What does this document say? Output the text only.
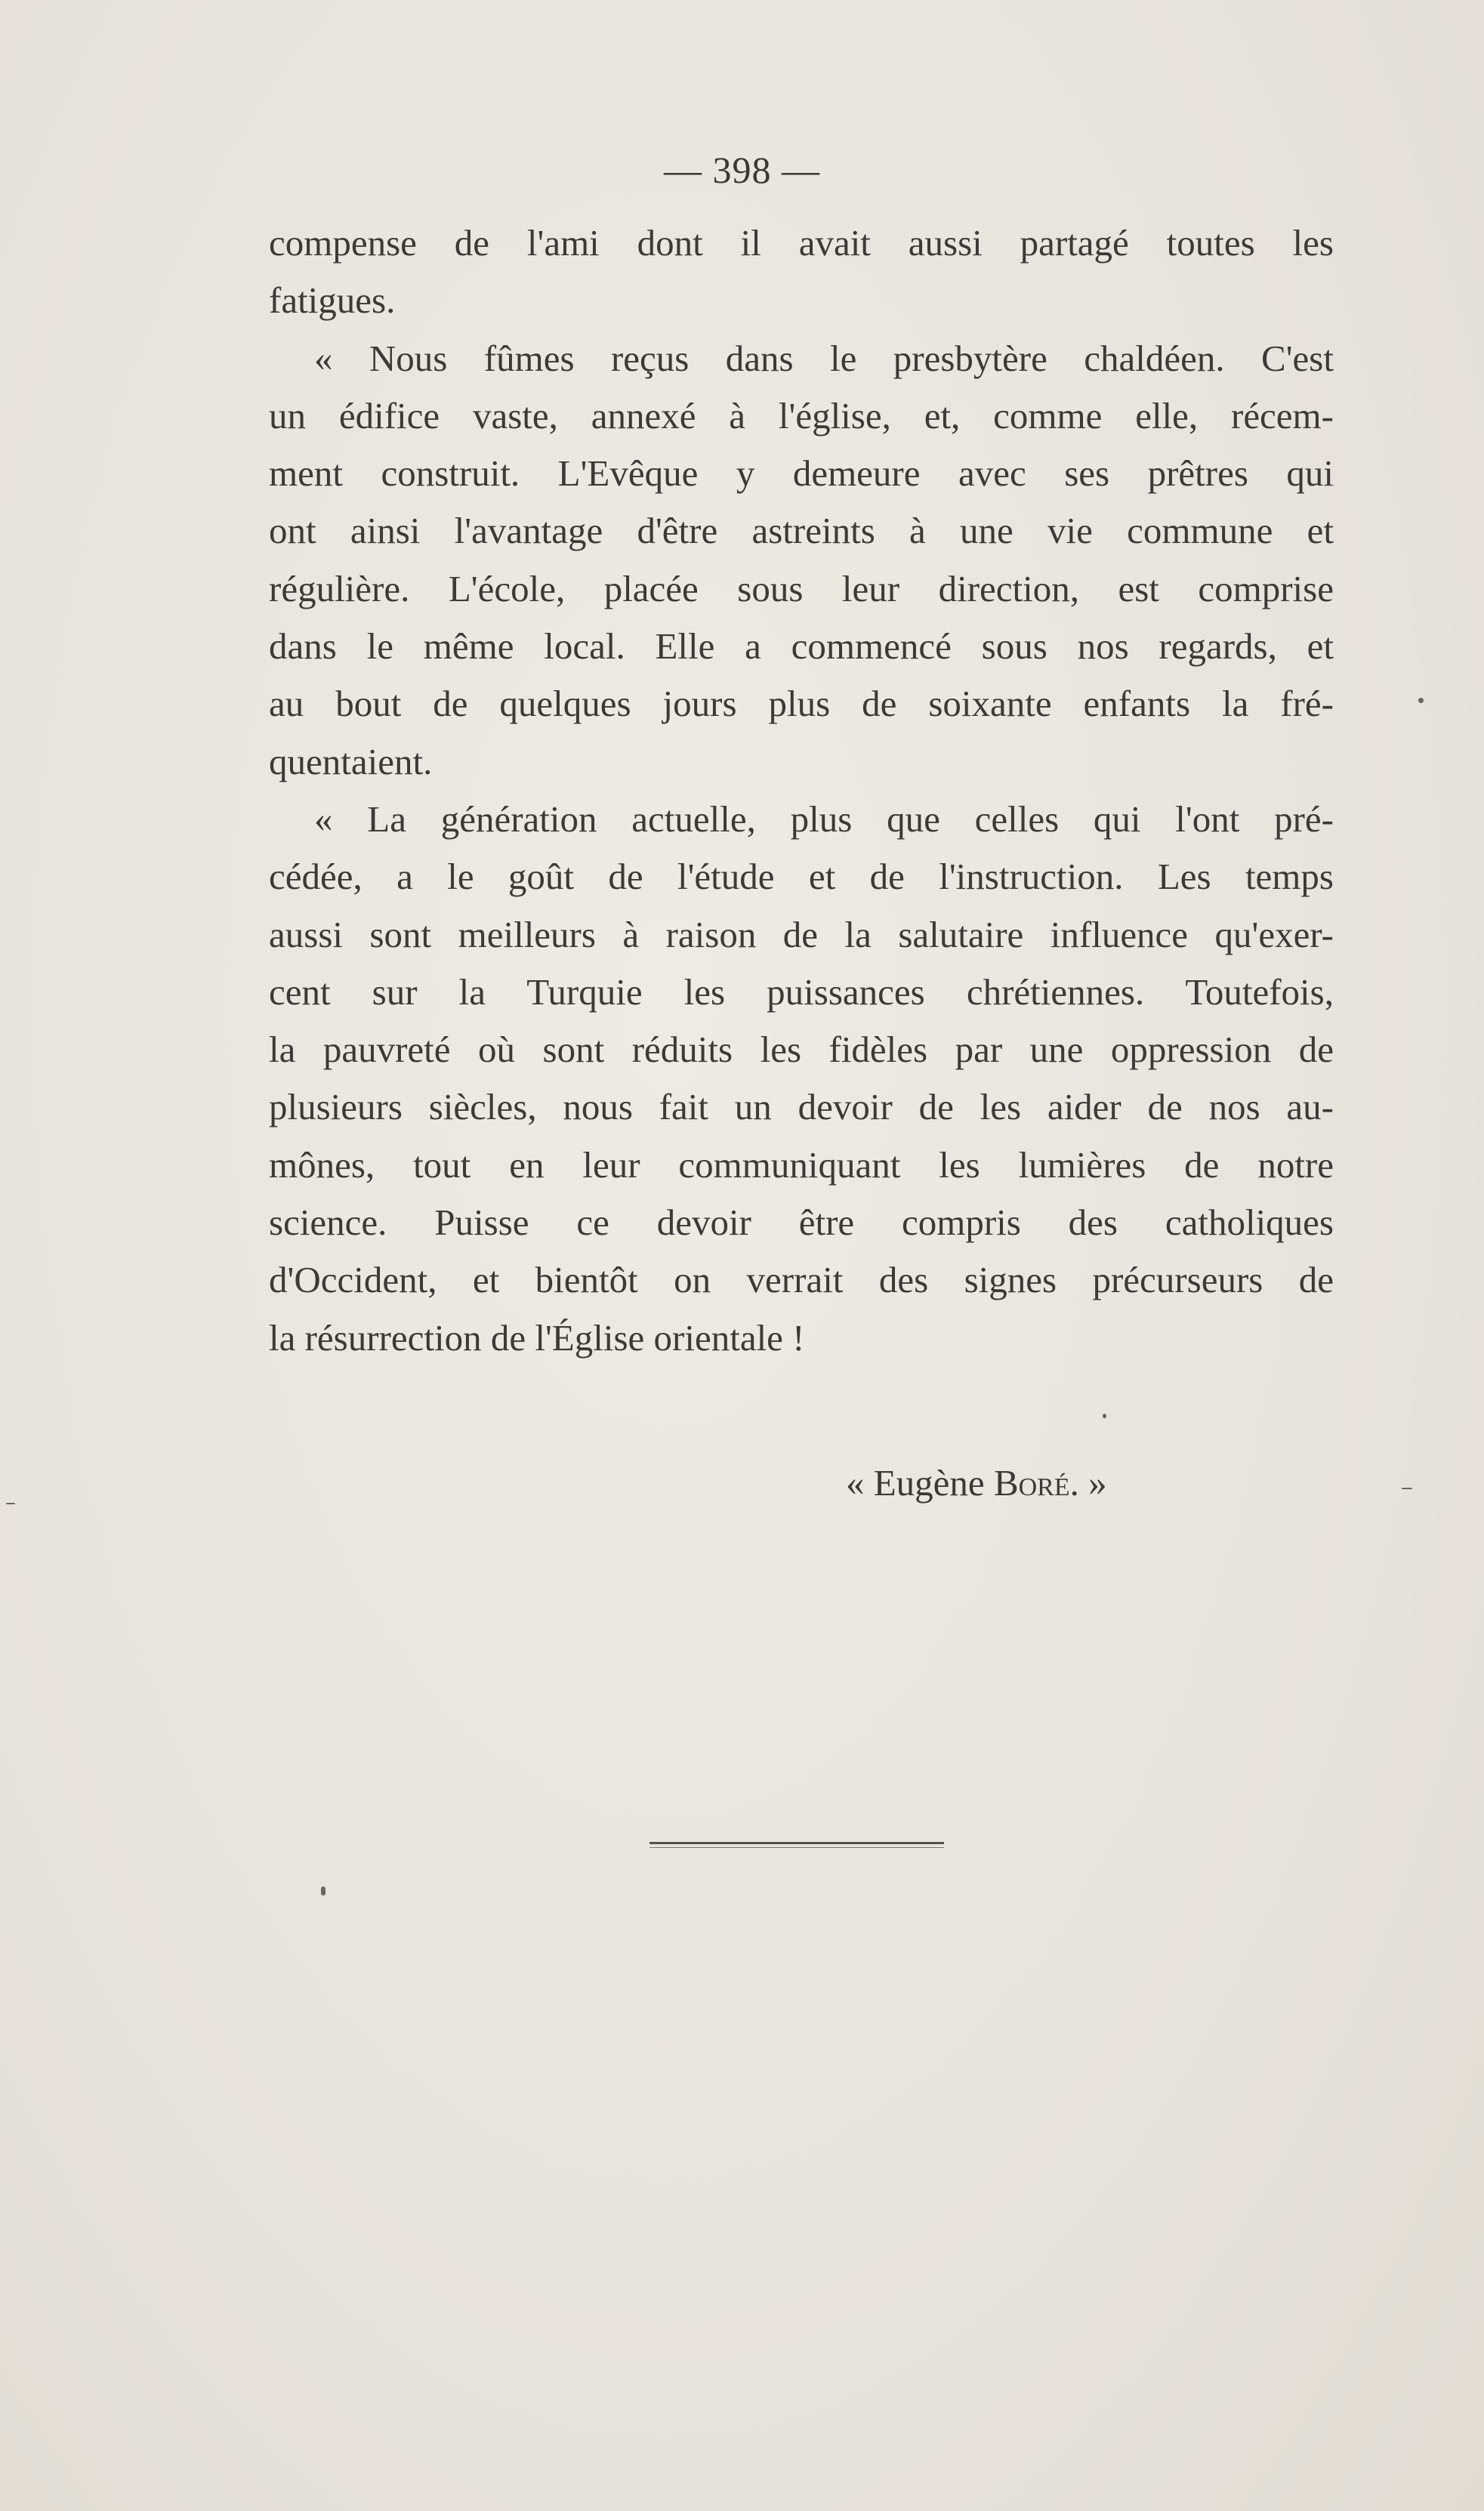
— 398 —
compense de l'ami dont il avait aussi partagé toutes les
fatigues.
« Nous fûmes reçus dans le presbytère chaldéen. C'est
un édifice vaste, annexé à l'église, et, comme elle, récem-
ment construit. L'Evêque y demeure avec ses prêtres qui
ont ainsi l'avantage d'être astreints à une vie commune et
régulière. L'école, placée sous leur direction, est comprise
dans le même local. Elle a commencé sous nos regards, et
au bout de quelques jours plus de soixante enfants la fré-
quentaient.
« La génération actuelle, plus que celles qui l'ont pré-
cédée, a le goût de l'étude et de l'instruction. Les temps
aussi sont meilleurs à raison de la salutaire influence qu'exer-
cent sur la Turquie les puissances chrétiennes. Toutefois,
la pauvreté où sont réduits les fidèles par une oppression de
plusieurs siècles, nous fait un devoir de les aider de nos au-
mônes, tout en leur communiquant les lumières de notre
science. Puisse ce devoir être compris des catholiques
d'Occident, et bientôt on verrait des signes précurseurs de
la résurrection de l'Église orientale !
« Eugène Boré. »
